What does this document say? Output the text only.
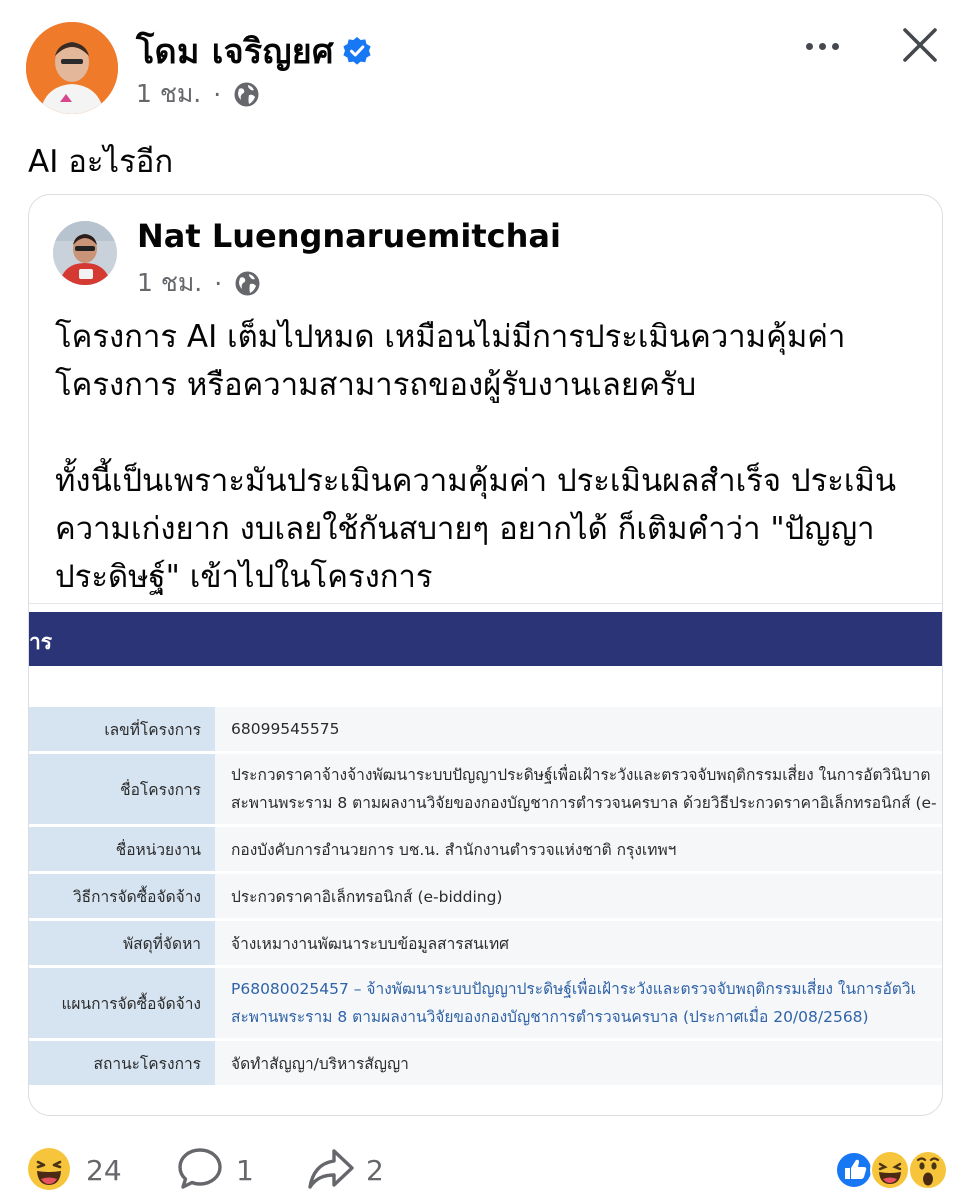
โดม เจริญยศ
1 ชม. ·
AI อะไรอีก
Nat Luengnaruemitchai
1 ชม. ·

โครงการ AI เต็มไปหมด เหมือนไม่มีการประเมินความคุ้มค่า
โครงการ หรือความสามารถของผู้รับงานเลยครับ

ทั้งนี้เป็นเพราะมันประเมินความคุ้มค่า ประเมินผลสำเร็จ ประเมิน
ความเก่งยาก งบเลยใช้กันสบายๆ อยากได้ ก็เติมคำว่า "ปัญญา
ประดิษฐ์" เข้าไปในโครงการ

าร
เลขที่โครงการ	68099545575

ชื่อโครงการ	ประกวดราคาจ้างจ้างพัฒนาระบบปัญญาประดิษฐ์เพื่อเฝ้าระวังและตรวจจับพฤติกรรมเสี่ยง ในการอัตวินิบาต
สะพานพระราม 8 ตามผลงานวิจัยของกองบัญชาการตำรวจนครบาล ด้วยวิธีประกวดราคาอิเล็กทรอนิกส์ (e-

ชื่อหน่วยงาน	กองบังคับการอำนวยการ บช.น. สำนักงานตำรวจแห่งชาติ กรุงเทพฯ

วิธีการจัดซื้อจัดจ้าง	ประกวดราคาอิเล็กทรอนิกส์ (e-bidding)

พัสดุที่จัดหา	จ้างเหมางานพัฒนาระบบข้อมูลสารสนเทศ

แผนการจัดซื้อจัดจ้าง	P68080025457 – จ้างพัฒนาระบบปัญญาประดิษฐ์เพื่อเฝ้าระวังและตรวจจับพฤติกรรมเสี่ยง ในการอัตวิเ
สะพานพระราม 8 ตามผลงานวิจัยของกองบัญชาการตำรวจนครบาล (ประกาศเมื่อ 20/08/2568)

สถานะโครงการ	จัดทำสัญญา/บริหารสัญญา
24	1	2
